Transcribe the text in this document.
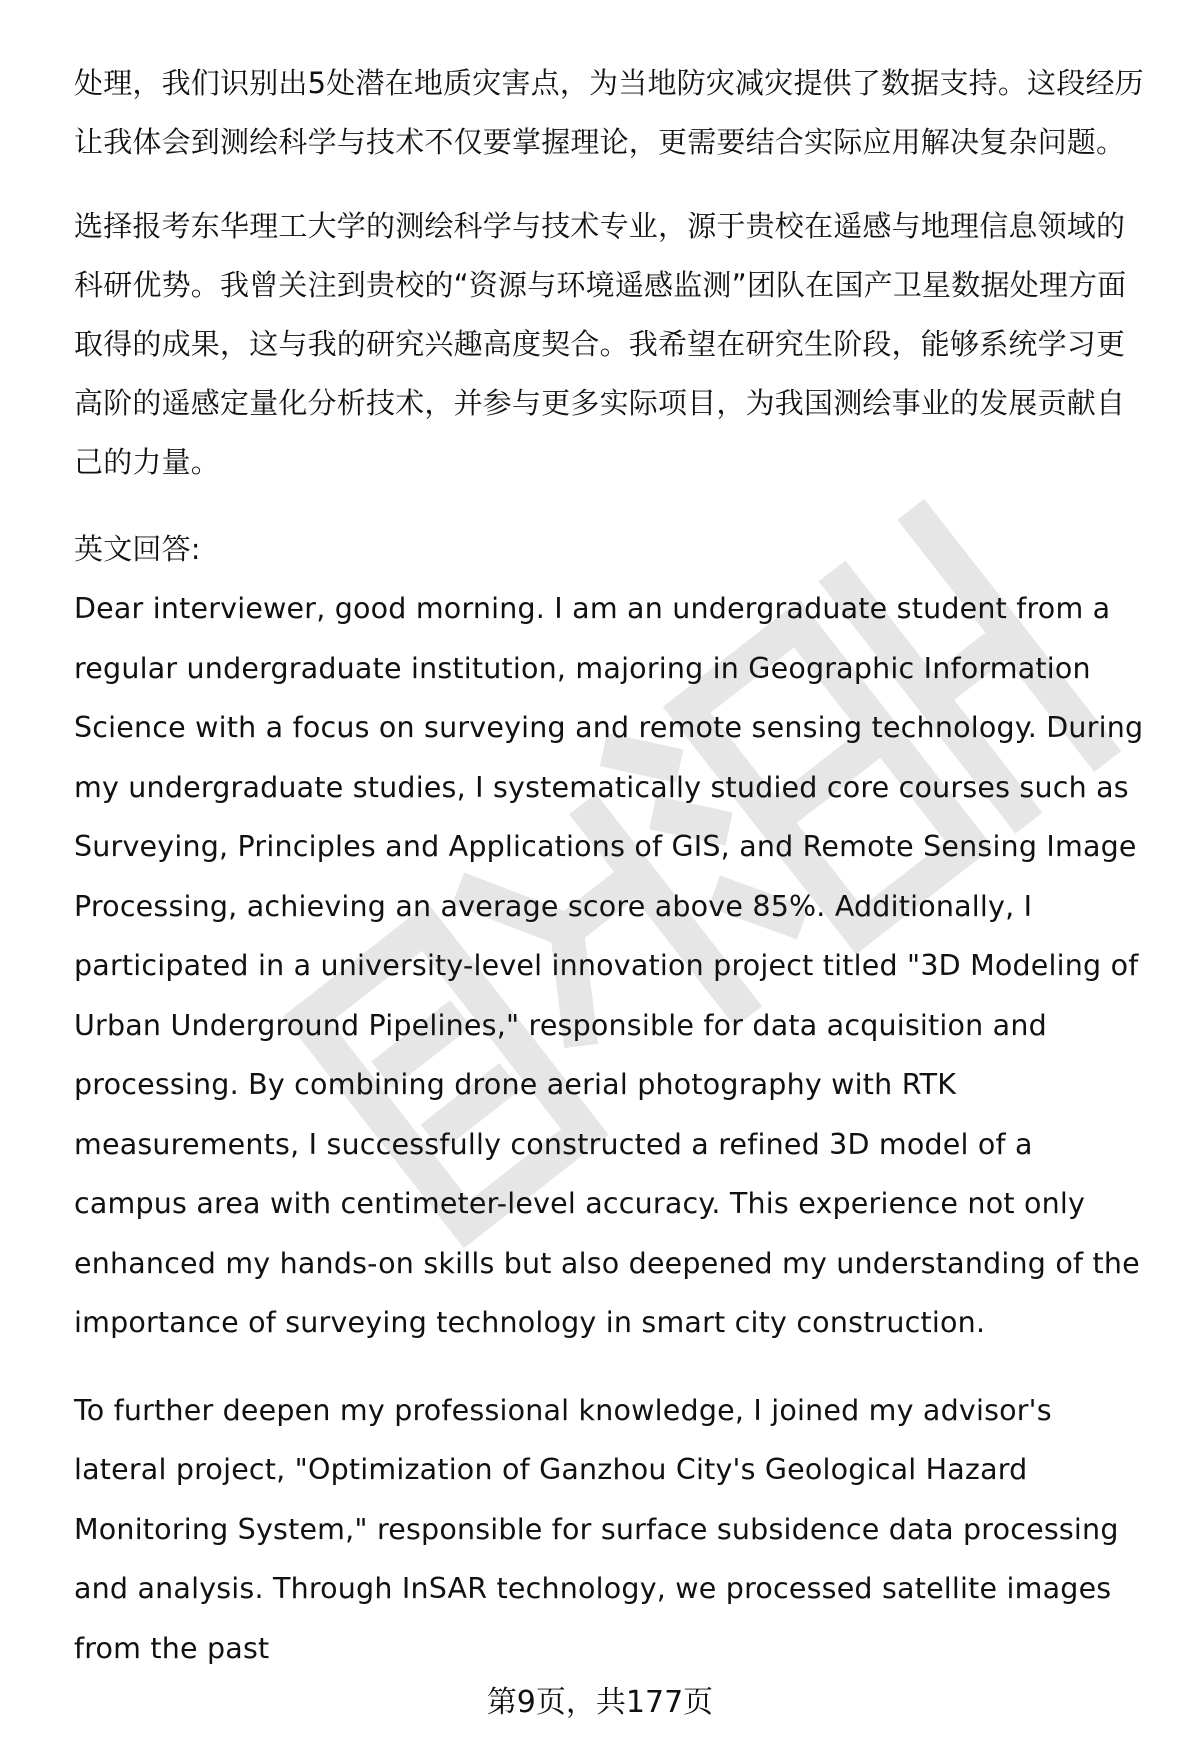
处理，我们识别出5处潜在地质灾害点，为当地防灾减灾提供了数据支持。这段经历让我体会到测绘科学与技术不仅要掌握理论，更需要结合实际应用解决复杂问题。

选择报考东华理工大学的测绘科学与技术专业，源于贵校在遥感与地理信息领域的科研优势。我曾关注到贵校的“资源与环境遥感监测”团队在国产卫星数据处理方面取得的成果，这与我的研究兴趣高度契合。我希望在研究生阶段，能够系统学习更高阶的遥感定量化分析技术，并参与更多实际项目，为我国测绘事业的发展贡献自己的力量。

英文回答:

Dear interviewer, good morning. I am an undergraduate student from a regular undergraduate institution, majoring in Geographic Information Science with a focus on surveying and remote sensing technology. During my undergraduate studies, I systematically studied core courses such as Surveying, Principles and Applications of GIS, and Remote Sensing Image Processing, achieving an average score above 85%. Additionally, I participated in a university-level innovation project titled "3D Modeling of Urban Underground Pipelines," responsible for data acquisition and processing. By combining drone aerial photography with RTK measurements, I successfully constructed a refined 3D model of a campus area with centimeter-level accuracy. This experience not only enhanced my hands-on skills but also deepened my understanding of the importance of surveying technology in smart city construction.

To further deepen my professional knowledge, I joined my advisor's lateral project, "Optimization of Ganzhou City's Geological Hazard Monitoring System," responsible for surface subsidence data processing and analysis. Through InSAR technology, we processed satellite images from the past

第9页，共177页
